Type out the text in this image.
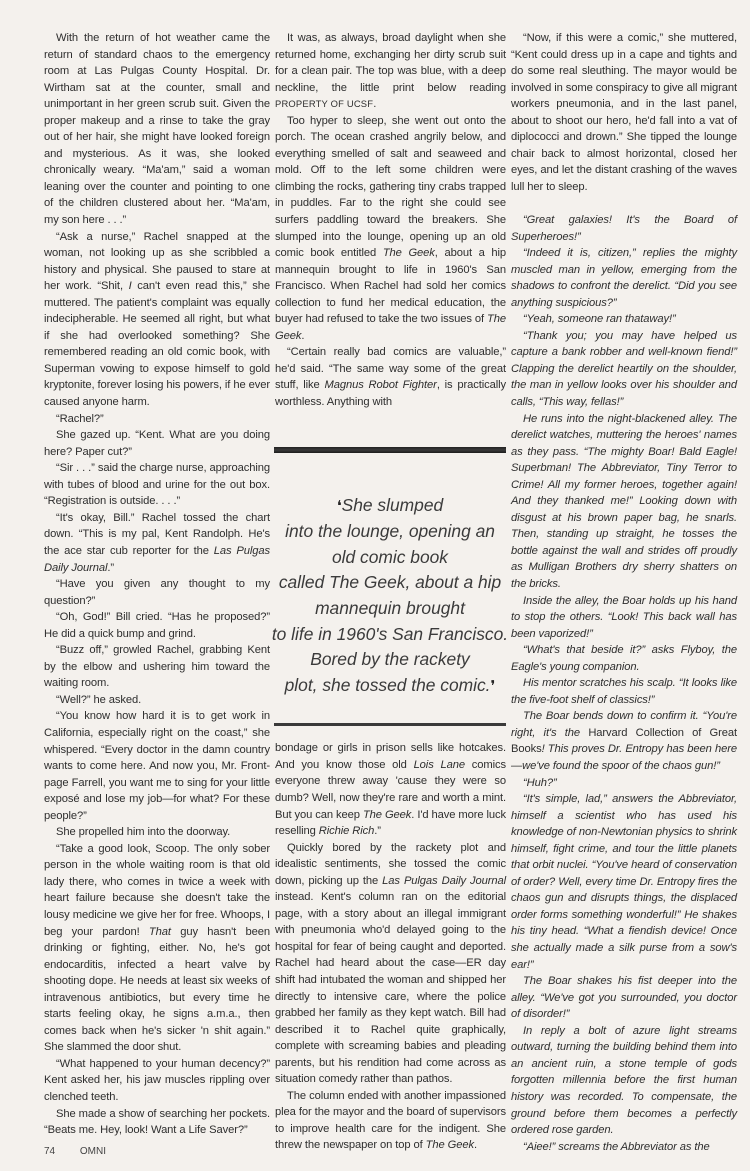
With the return of hot weather came the return of standard chaos to the emergency room at Las Pulgas County Hospital. Dr. Wirtham sat at the counter, small and unimportant in her green scrub suit. Given the proper makeup and a rinse to take the gray out of her hair, she might have looked foreign and mysterious. As it was, she looked chronically weary. “Ma'am,” said a woman leaning over the counter and pointing to one of the children clustered about her. “Ma'am, my son here . . .”

“Ask a nurse,” Rachel snapped at the woman, not looking up as she scribbled a history and physical. She paused to stare at her work. “Shit, I can't even read this,” she muttered. The patient's complaint was equally indecipherable. He seemed all right, but what if she had overlooked something? She remembered reading an old comic book, with Superman vowing to expose himself to gold kryptonite, forever losing his powers, if he ever caused anyone harm.

“Rachel?”

She gazed up. “Kent. What are you doing here? Paper cut?”

“Sir . . .” said the charge nurse, approaching with tubes of blood and urine for the out box. “Registration is outside. . . .”

“It's okay, Bill.” Rachel tossed the chart down. “This is my pal, Kent Randolph. He's the ace star cub reporter for the Las Pulgas Daily Journal.”

“Have you given any thought to my question?”

“Oh, God!” Bill cried. “Has he proposed?” He did a quick bump and grind.

“Buzz off,” growled Rachel, grabbing Kent by the elbow and ushering him toward the waiting room.

“Well?” he asked.

“You know how hard it is to get work in California, especially right on the coast,” she whispered. “Every doctor in the damn country wants to come here. And now you, Mr. Front-page Farrell, you want me to sing for your little exposé and lose my job—for what? For these people?”

She propelled him into the doorway.

“Take a good look, Scoop. The only sober person in the whole waiting room is that old lady there, who comes in twice a week with heart failure because she doesn't take the lousy medicine we give her for free. Whoops, I beg your pardon! That guy hasn't been drinking or fighting, either. No, he's got endocarditis, infected a heart valve by shooting dope. He needs at least six weeks of intravenous antibiotics, but every time he starts feeling okay, he signs a.m.a., then comes back when he's sicker 'n shit again.” She slammed the door shut.

“What happened to your human decency?” Kent asked her, his jaw muscles rippling over clenched teeth.

She made a show of searching her pockets. “Beats me. Hey, look! Want a Life Saver?”

74 OMNI

It was, as always, broad daylight when she returned home, exchanging her dirty scrub suit for a clean pair. The top was blue, with a deep neckline, the little print below reading PROPERTY OF UCSF.

Too hyper to sleep, she went out onto the porch. The ocean crashed angrily below, and everything smelled of salt and seaweed and mold. Off to the left some children were climbing the rocks, gathering tiny crabs trapped in puddles. Far to the right she could see surfers paddling toward the breakers. She slumped into the lounge, opening up an old comic book entitled The Geek, about a hip mannequin brought to life in 1960's San Francisco. When Rachel had sold her comics collection to fund her medical education, the buyer had refused to take the two issues of The Geek.

“Certain really bad comics are valuable,” he'd said. “The same way some of the great stuff, like Magnus Robot Fighter, is practically worthless. Anything with

❛ She slumped
into the lounge, opening an
old comic book
called The Geek, about a hip
mannequin brought
to life in 1960's San Francisco.
Bored by the rackety
plot, she tossed the comic.❜

bondage or girls in prison sells like hotcakes. And you know those old Lois Lane comics everyone threw away 'cause they were so dumb? Well, now they're rare and worth a mint. But you can keep The Geek. I'd have more luck reselling Richie Rich.”

Quickly bored by the rackety plot and idealistic sentiments, she tossed the comic down, picking up the Las Pulgas Daily Journal instead. Kent's column ran on the editorial page, with a story about an illegal immigrant with pneumonia who'd delayed going to the hospital for fear of being caught and deported. Rachel had heard about the case—ER day shift had intubated the woman and shipped her directly to intensive care, where the police grabbed her family as they kept watch. Bill had described it to Rachel quite graphically, complete with screaming babies and pleading parents, but his rendition had come across as situation comedy rather than pathos.

The column ended with another impassioned plea for the mayor and the board of supervisors to improve health care for the indigent. She threw the newspaper on top of The Geek.

“Now, if this were a comic,” she muttered, “Kent could dress up in a cape and tights and do some real sleuthing. The mayor would be involved in some conspiracy to give all migrant workers pneumonia, and in the last panel, about to shoot our hero, he'd fall into a vat of diplococci and drown.” She tipped the lounge chair back to almost horizontal, closed her eyes, and let the distant crashing of the waves lull her to sleep.

“Great galaxies! It's the Board of Superheroes!”

“Indeed it is, citizen,” replies the mighty muscled man in yellow, emerging from the shadows to confront the derelict. “Did you see anything suspicious?”

“Yeah, someone ran thataway!”

“Thank you; you may have helped us capture a bank robber and well-known fiend!” Clapping the derelict heartily on the shoulder, the man in yellow looks over his shoulder and calls, “This way, fellas!”

He runs into the night-blackened alley. The derelict watches, muttering the heroes' names as they pass. “The mighty Boar! Bald Eagle! Superbman! The Abbreviator, Tiny Terror to Crime! All my former heroes, together again! And they thanked me!” Looking down with disgust at his brown paper bag, he snarls. Then, standing up straight, he tosses the bottle against the wall and strides off proudly as Mulligan Brothers dry sherry shatters on the bricks.

Inside the alley, the Boar holds up his hand to stop the others. “Look! This back wall has been vaporized!”

“What's that beside it?” asks Flyboy, the Eagle's young companion.

His mentor scratches his scalp. “It looks like the five-foot shelf of classics!”

The Boar bends down to confirm it. “You're right, it's the Harvard Collection of Great Books! This proves Dr. Entropy has been here—we've found the spoor of the chaos gun!”

“Huh?”

“It's simple, lad,” answers the Abbreviator, himself a scientist who has used his knowledge of non-Newtonian physics to shrink himself, fight crime, and tour the little planets that orbit nuclei. “You've heard of conservation of order? Well, every time Dr. Entropy fires the chaos gun and disrupts things, the displaced order forms something wonderful!” He shakes his tiny head. “What a fiendish device! Once she actually made a silk purse from a sow's ear!”

The Boar shakes his fist deeper into the alley. “We've got you surrounded, you doctor of disorder!”

In reply a bolt of azure light streams outward, turning the building behind them into an ancient ruin, a stone temple of gods forgotten millennia before the first human history was recorded. To compensate, the ground before them becomes a perfectly ordered rose garden.

“Aiee!” screams the Abbreviator as the
